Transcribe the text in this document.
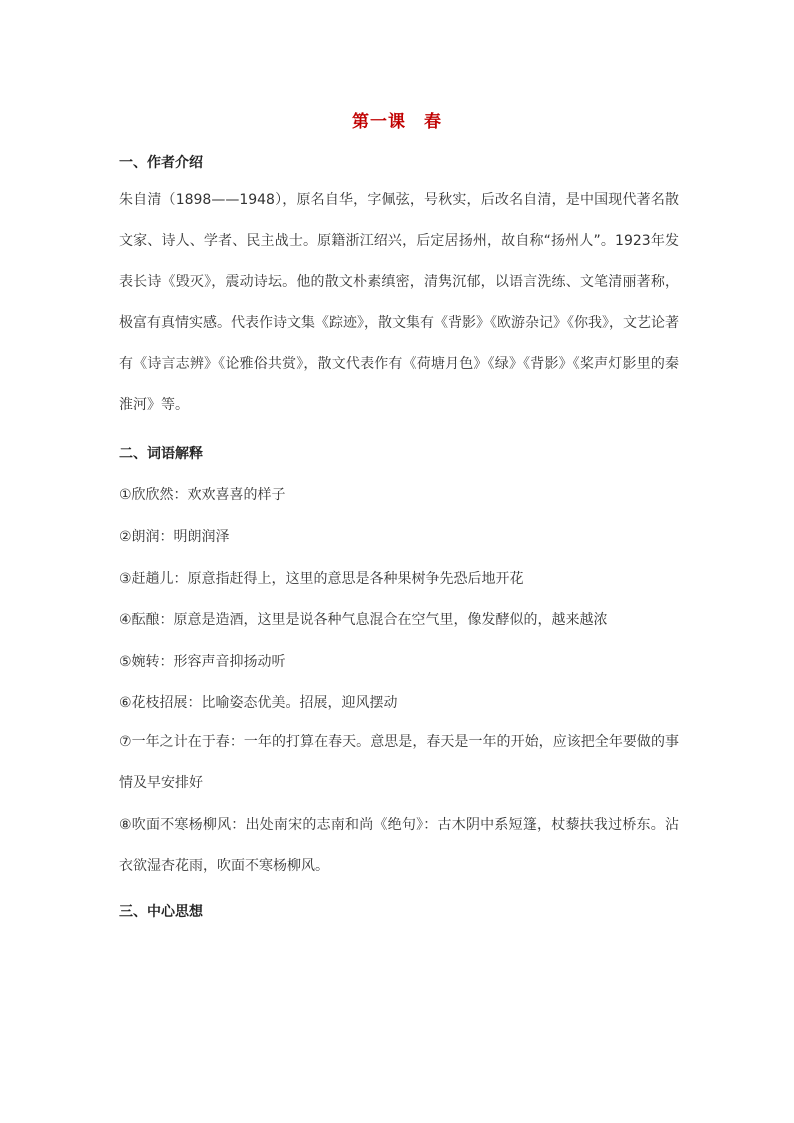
第一课　春
一、作者介绍

朱自清（1898——1948），原名自华，字佩弦，号秋实，后改名自清，是中国现代著名散文家、诗人、学者、民主战士。原籍浙江绍兴，后定居扬州，故自称“扬州人”。1923年发表长诗《毁灭》，震动诗坛。他的散文朴素缜密，清隽沉郁，以语言洗练、文笔清丽著称，极富有真情实感。代表作诗文集《踪迹》，散文集有《背影》《欧游杂记》《你我》，文艺论著有《诗言志辨》《论雅俗共赏》，散文代表作有《荷塘月色》《绿》《背影》《桨声灯影里的秦淮河》等。

二、词语解释
①欣欣然：欢欢喜喜的样子
②朗润：明朗润泽
③赶趟儿：原意指赶得上，这里的意思是各种果树争先恐后地开花
④酝酿：原意是造酒，这里是说各种气息混合在空气里，像发酵似的，越来越浓
⑤婉转：形容声音抑扬动听
⑥花枝招展：比喻姿态优美。招展，迎风摆动

⑦一年之计在于春：一年的打算在春天。意思是，春天是一年的开始，应该把全年要做的事情及早安排好

⑧吹面不寒杨柳风：出处南宋的志南和尚《绝句》：古木阴中系短篷，杖藜扶我过桥东。沾衣欲湿杏花雨，吹面不寒杨柳风。

三、中心思想
